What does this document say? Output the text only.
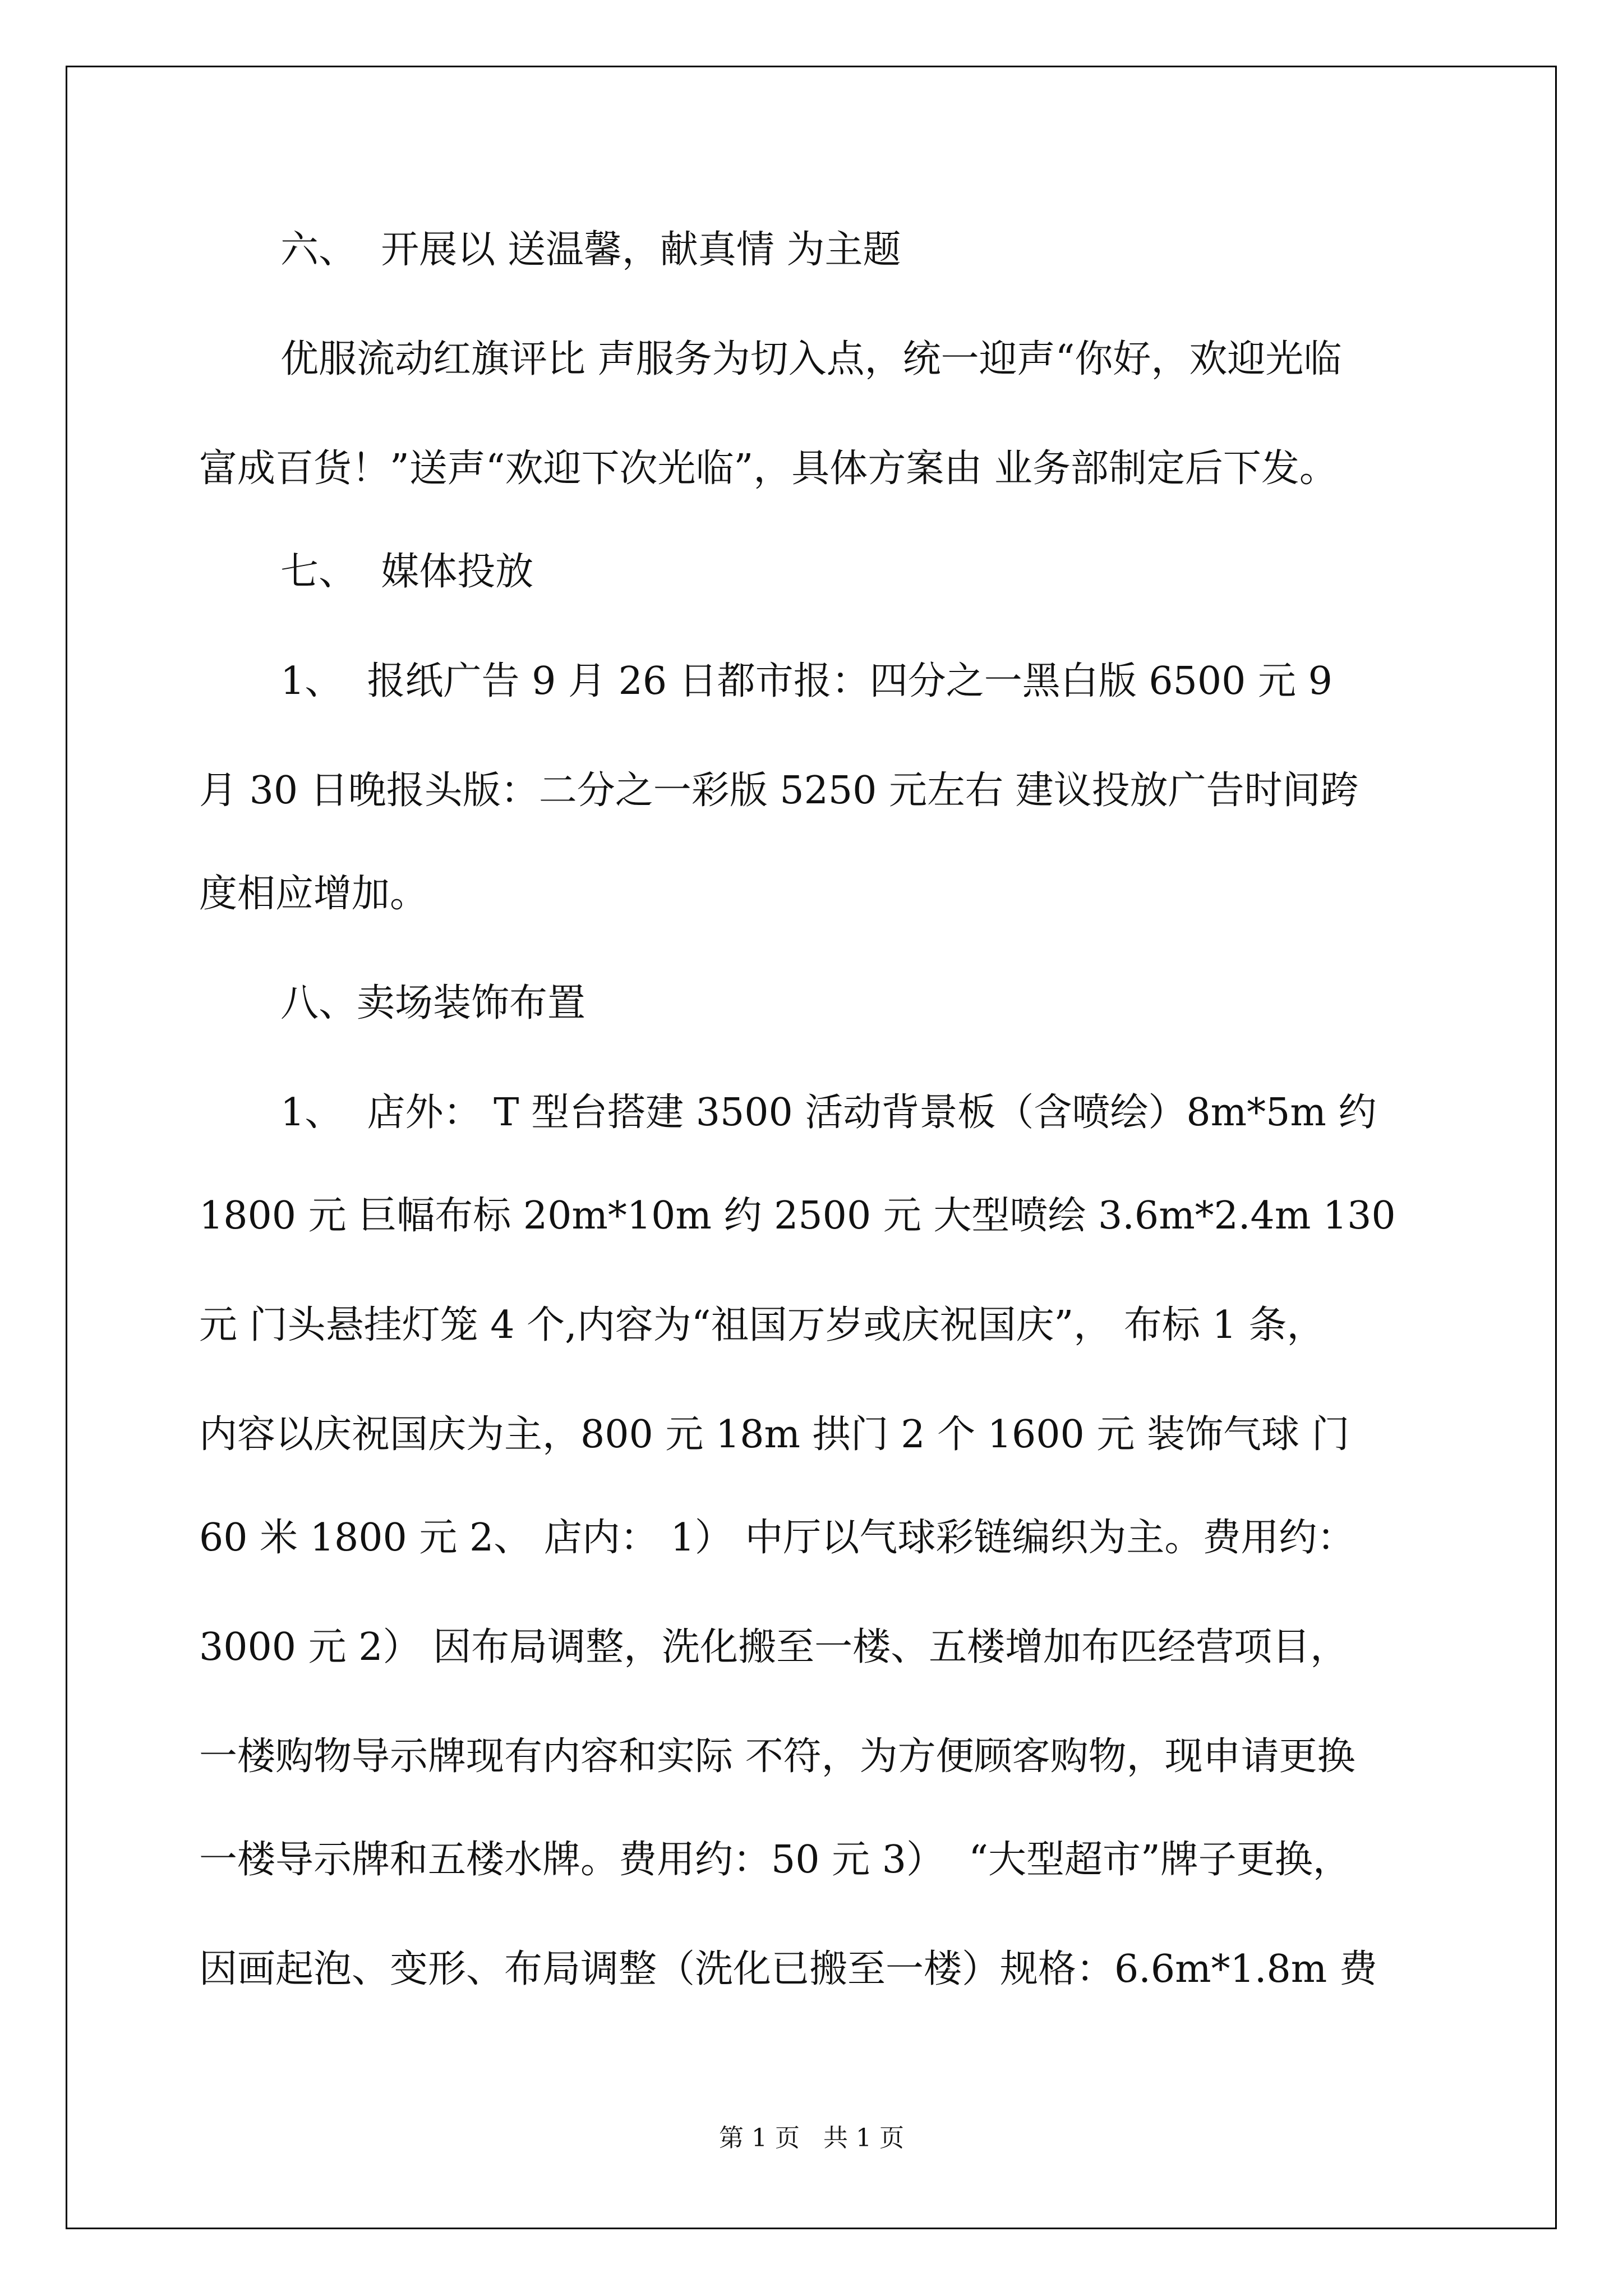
六、  开展以 送温馨，献真情 为主题
优服流动红旗评比 声服务为切入点，统一迎声“你好，欢迎光临
富成百货！”送声“欢迎下次光临”，具体方案由 业务部制定后下发。
七、  媒体投放
1、  报纸广告 9 月 26 日都市报：四分之一黑白版 6500 元 9
月 30 日晚报头版：二分之一彩版 5250 元左右 建议投放广告时间跨
度相应增加。
八、卖场装饰布置
1、  店外： T 型台搭建 3500 活动背景板（含喷绘）8m*5m 约
1800 元 巨幅布标 20m*10m 约 2500 元 大型喷绘 3.6m*2.4m 130
元 门头悬挂灯笼 4 个,内容为“祖国万岁或庆祝国庆”， 布标 1 条，
内容以庆祝国庆为主，800 元 18m 拱门 2 个 1600 元 装饰气球 门
60 米 1800 元 2、 店内： 1） 中厅以气球彩链编织为主。费用约：
3000 元 2） 因布局调整，洗化搬至一楼、五楼增加布匹经营项目，
一楼购物导示牌现有内容和实际 不符，为方便顾客购物，现申请更换
一楼导示牌和五楼水牌。费用约：50 元 3）  “大型超市”牌子更换，
因画起泡、变形、布局调整（洗化已搬至一楼）规格：6.6m*1.8m 费
第 1 页   共 1 页
